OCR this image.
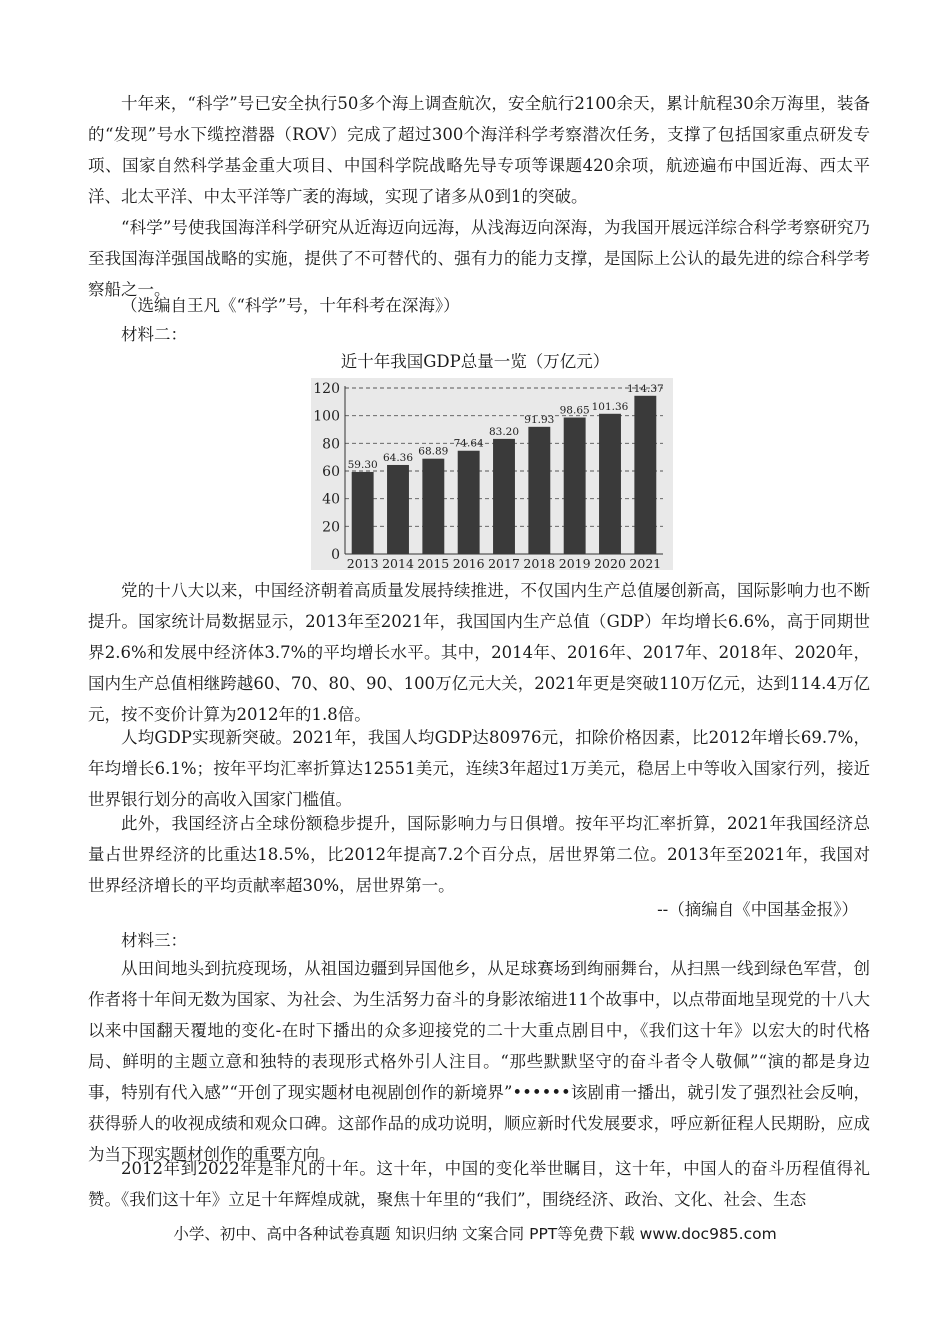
十年来，“科学”号已安全执行50多个海上调查航次，安全航行2100余天，累计航程30余万海里，装备的“发现”号水下缆控潜器（ROV）完成了超过300个海洋科学考察潜次任务，支撑了包括国家重点研发专项、国家自然科学基金重大项目、中国科学院战略先导专项等课题420余项，航迹遍布中国近海、西太平洋、北太平洋、中太平洋等广袤的海域，实现了诸多从0到1的突破。

“科学”号使我国海洋科学研究从近海迈向远海，从浅海迈向深海，为我国开展远洋综合科学考察研究乃至我国海洋强国战略的实施，提供了不可替代的、强有力的能力支撑，是国际上公认的最先进的综合科学考察船之一。

（选编自王凡《“科学”号，十年科考在深海》）

材料二：

近十年我国GDP总量一览（万亿元）
0
20
40
60
80
100
120
59.30
2013
64.36
2014
68.89
2015
74.64
2016
83.20
2017
91.93
2018
98.65
2019
101.36
2020
114.37
2021

党的十八大以来，中国经济朝着高质量发展持续推进，不仅国内生产总值屡创新高，国际影响力也不断提升。国家统计局数据显示，2013年至2021年，我国国内生产总值（GDP）年均增长6.6%，高于同期世界2.6%和发展中经济体3.7%的平均增长水平。其中，2014年、2016年、2017年、2018年、2020年，国内生产总值相继跨越60、70、80、90、100万亿元大关，2021年更是突破110万亿元，达到114.4万亿元，按不变价计算为2012年的1.8倍。

人均GDP实现新突破。2021年，我国人均GDP达80976元，扣除价格因素，比2012年增长69.7%，年均增长6.1%；按年平均汇率折算达12551美元，连续3年超过1万美元，稳居上中等收入国家行列，接近世界银行划分的高收入国家门槛值。

此外，我国经济占全球份额稳步提升，国际影响力与日俱增。按年平均汇率折算，2021年我国经济总量占世界经济的比重达18.5%，比2012年提高7.2个百分点，居世界第二位。2013年至2021年，我国对世界经济增长的平均贡献率超30%，居世界第一。

--（摘编自《中国基金报》）

材料三：

从田间地头到抗疫现场，从祖国边疆到异国他乡，从足球赛场到绚丽舞台，从扫黑一线到绿色军营，创作者将十年间无数为国家、为社会、为生活努力奋斗的身影浓缩进11个故事中，以点带面地呈现党的十八大以来中国翻天覆地的变化-在时下播出的众多迎接党的二十大重点剧目中，《我们这十年》以宏大的时代格局、鲜明的主题立意和独特的表现形式格外引人注目。“那些默默坚守的奋斗者令人敬佩”“演的都是身边事，特别有代入感”“开创了现实题材电视剧创作的新境界”••••••该剧甫一播出，就引发了强烈社会反响，获得骄人的收视成绩和观众口碑。这部作品的成功说明，顺应新时代发展要求，呼应新征程人民期盼，应成为当下现实题材创作的重要方向。

2012年到2022年是非凡的十年。这十年，中国的变化举世瞩目，这十年，中国人的奋斗历程值得礼赞。《我们这十年》立足十年辉煌成就，聚焦十年里的“我们”，围绕经济、政治、文化、社会、生态

小学、初中、高中各种试卷真题 知识归纳 文案合同 PPT等免费下载 www.doc985.com
